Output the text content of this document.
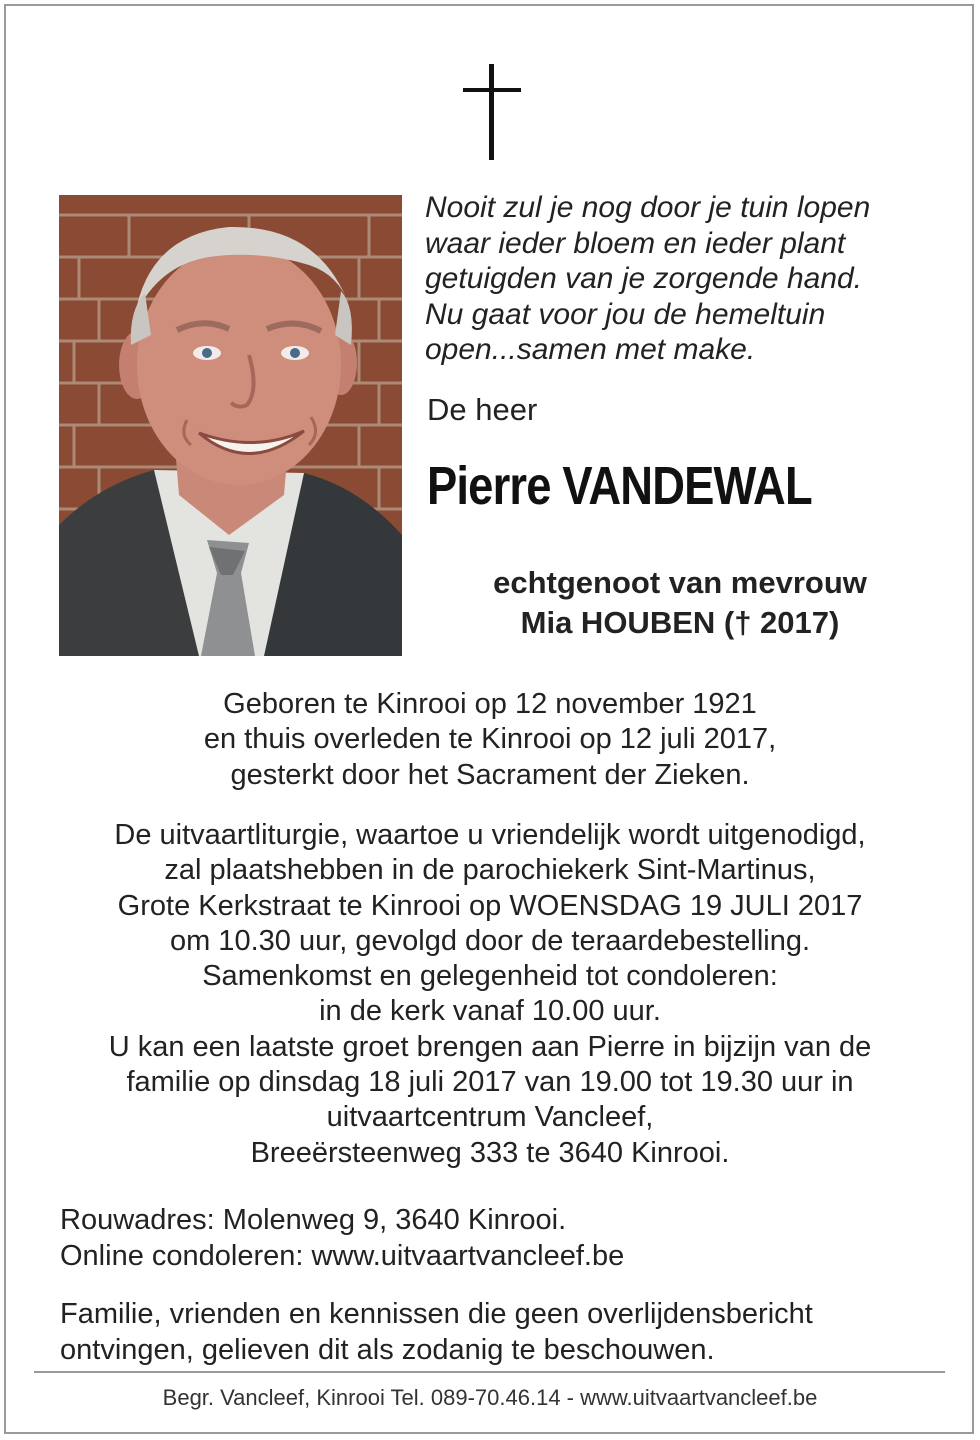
Nooit zul je nog door je tuin lopen
waar ieder bloem en ieder plant
getuigden van je zorgende hand.
Nu gaat voor jou de hemeltuin
open...samen met make.
De heer
Pierre VANDEWAL
echtgenoot van mevrouw
Mia HOUBEN († 2017)
Geboren te Kinrooi op 12 november 1921
en thuis overleden te Kinrooi op 12 juli 2017,
gesterkt door het Sacrament der Zieken.
De uitvaartliturgie, waartoe u vriendelijk wordt uitgenodigd,
zal plaatshebben in de parochiekerk Sint-Martinus,
Grote Kerkstraat te Kinrooi op WOENSDAG 19 JULI 2017
om 10.30 uur, gevolgd door de teraardebestelling.
Samenkomst en gelegenheid tot condoleren:
in de kerk vanaf 10.00 uur.
U kan een laatste groet brengen aan Pierre in bijzijn van de
familie op dinsdag 18 juli 2017 van 19.00 tot 19.30 uur in
uitvaartcentrum Vancleef,
Breeërsteenweg 333 te 3640 Kinrooi.
Rouwadres: Molenweg 9, 3640 Kinrooi.
Online condoleren: www.uitvaartvancleef.be
Familie, vrienden en kennissen die geen overlijdensbericht
ontvingen, gelieven dit als zodanig te beschouwen.
Begr. Vancleef, Kinrooi Tel. 089-70.46.14 - www.uitvaartvancleef.be
